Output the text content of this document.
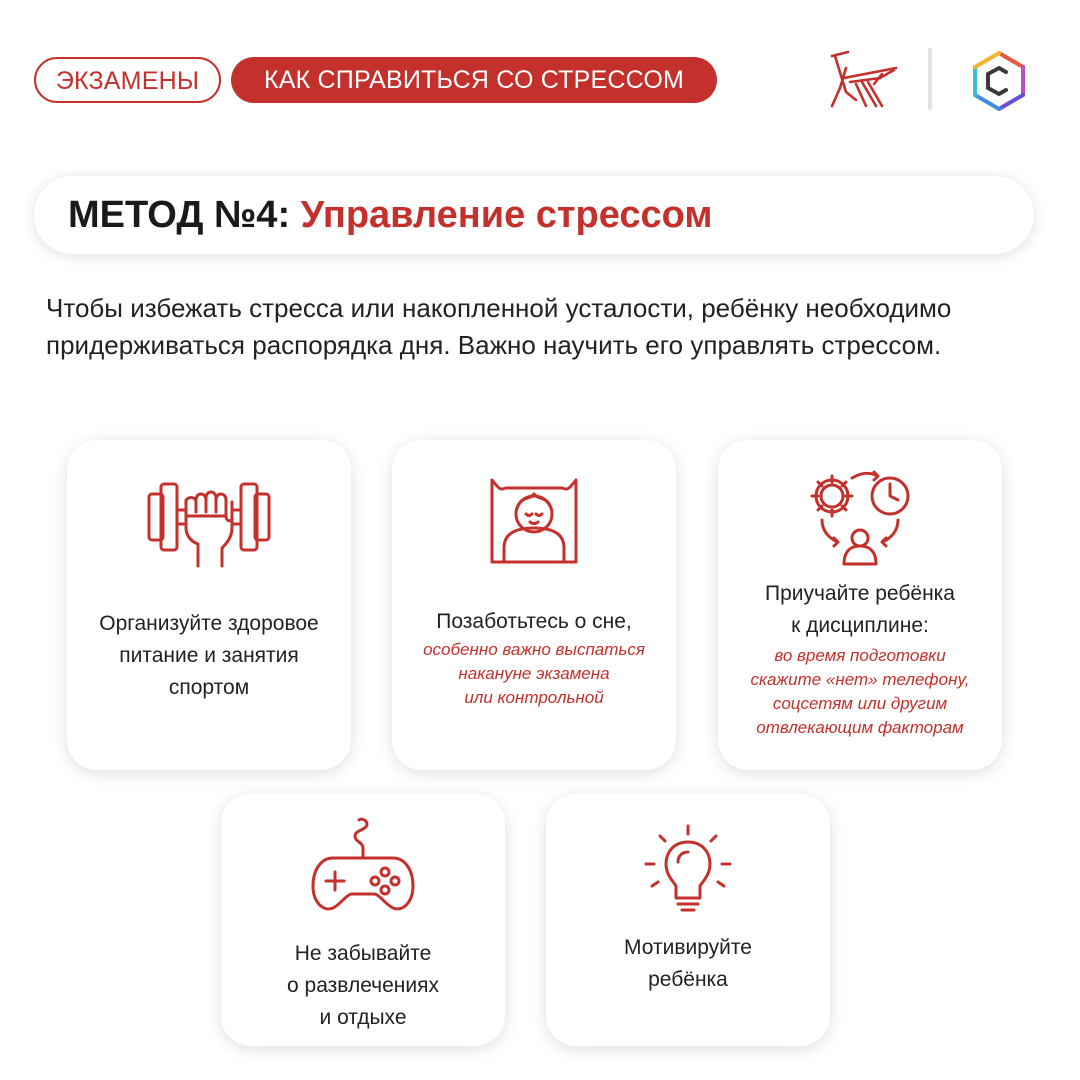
ЭКЗАМЕНЫ	КАК СПРАВИТЬСЯ СО СТРЕССОМ
МЕТОД №4: Управление стрессом

Чтобы избежать стресса или накопленной усталости, ребёнку необходимо придерживаться распорядка дня. Важно научить его управлять стрессом.

Организуйте здоровое
питание и занятия
спортом
Позаботьтесь о сне,
особенно важно выспаться
накануне экзамена
или контрольной
Приучайте ребёнка
к дисциплине:
во время подготовки
скажите «нет» телефону,
соцсетям или другим
отвлекающим факторам
Не забывайте
о развлечениях
и отдыхе
Мотивируйте
ребёнка
